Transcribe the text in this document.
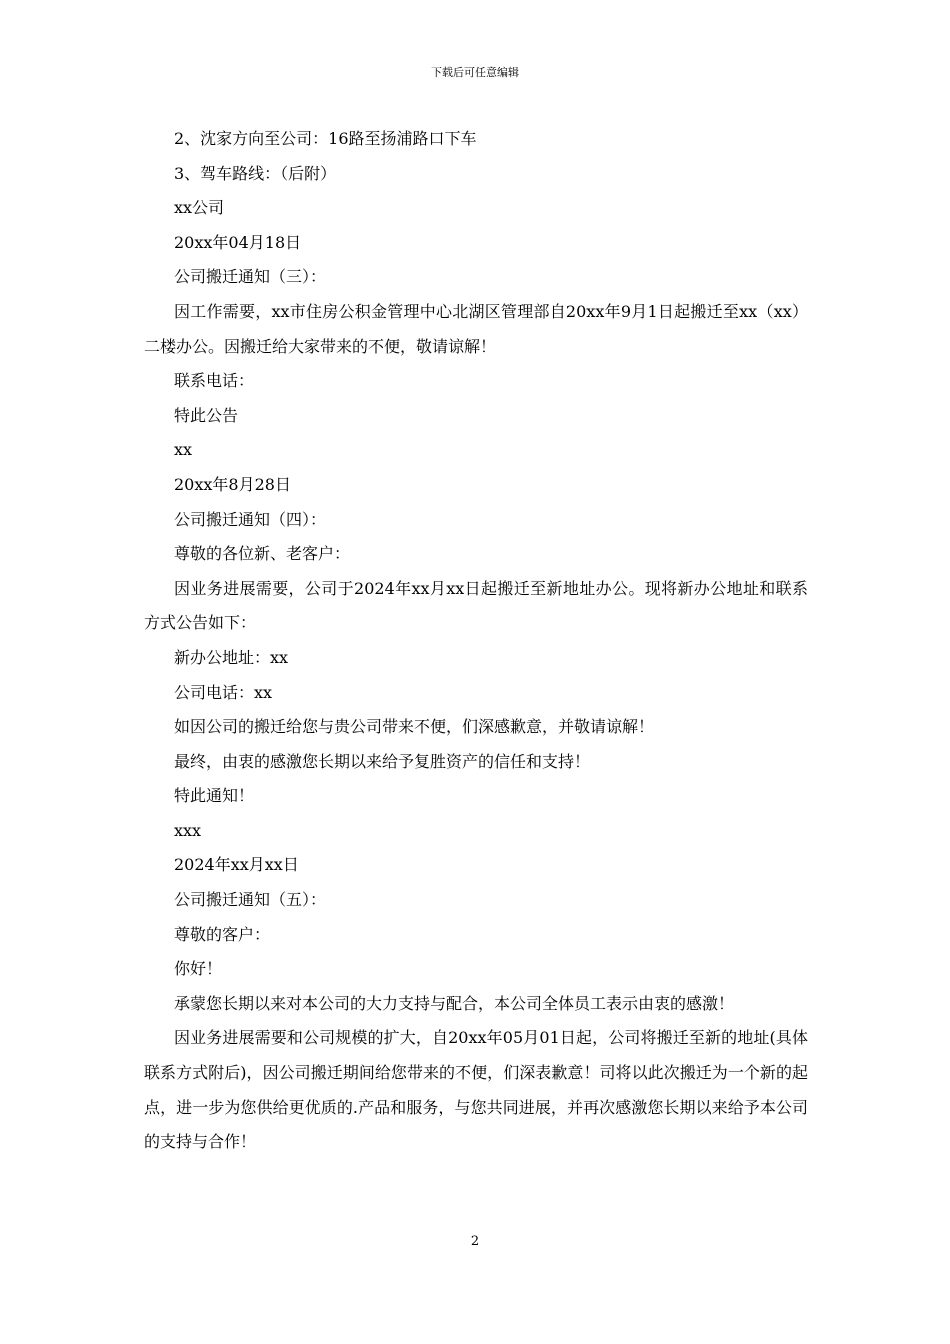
下载后可任意编辑

2、沈家方向至公司：16路至扬浦路口下车

3、驾车路线：（后附）

xx公司

20xx年04月18日

公司搬迁通知（三）：

因工作需要，xx市住房公积金管理中心北湖区管理部自20xx年9月1日起搬迁至xx（xx）二楼办公。因搬迁给大家带来的不便，敬请谅解！

联系电话：

特此公告

xx

20xx年8月28日

公司搬迁通知（四）：

尊敬的各位新、老客户：

因业务进展需要，公司于2024年xx月xx日起搬迁至新地址办公。现将新办公地址和联系方式公告如下：

新办公地址：xx

公司电话：xx

如因公司的搬迁给您与贵公司带来不便，们深感歉意，并敬请谅解！

最终，由衷的感激您长期以来给予复胜资产的信任和支持！

特此通知！

xxx

2024年xx月xx日

公司搬迁通知（五）：

尊敬的客户：

你好！

承蒙您长期以来对本公司的大力支持与配合，本公司全体员工表示由衷的感激！

因业务进展需要和公司规模的扩大，自20xx年05月01日起，公司将搬迁至新的地址(具体联系方式附后)，因公司搬迁期间给您带来的不便，们深表歉意！司将以此次搬迁为一个新的起点，进一步为您供给更优质的.产品和服务，与您共同进展，并再次感激您长期以来给予本公司的支持与合作！

2
